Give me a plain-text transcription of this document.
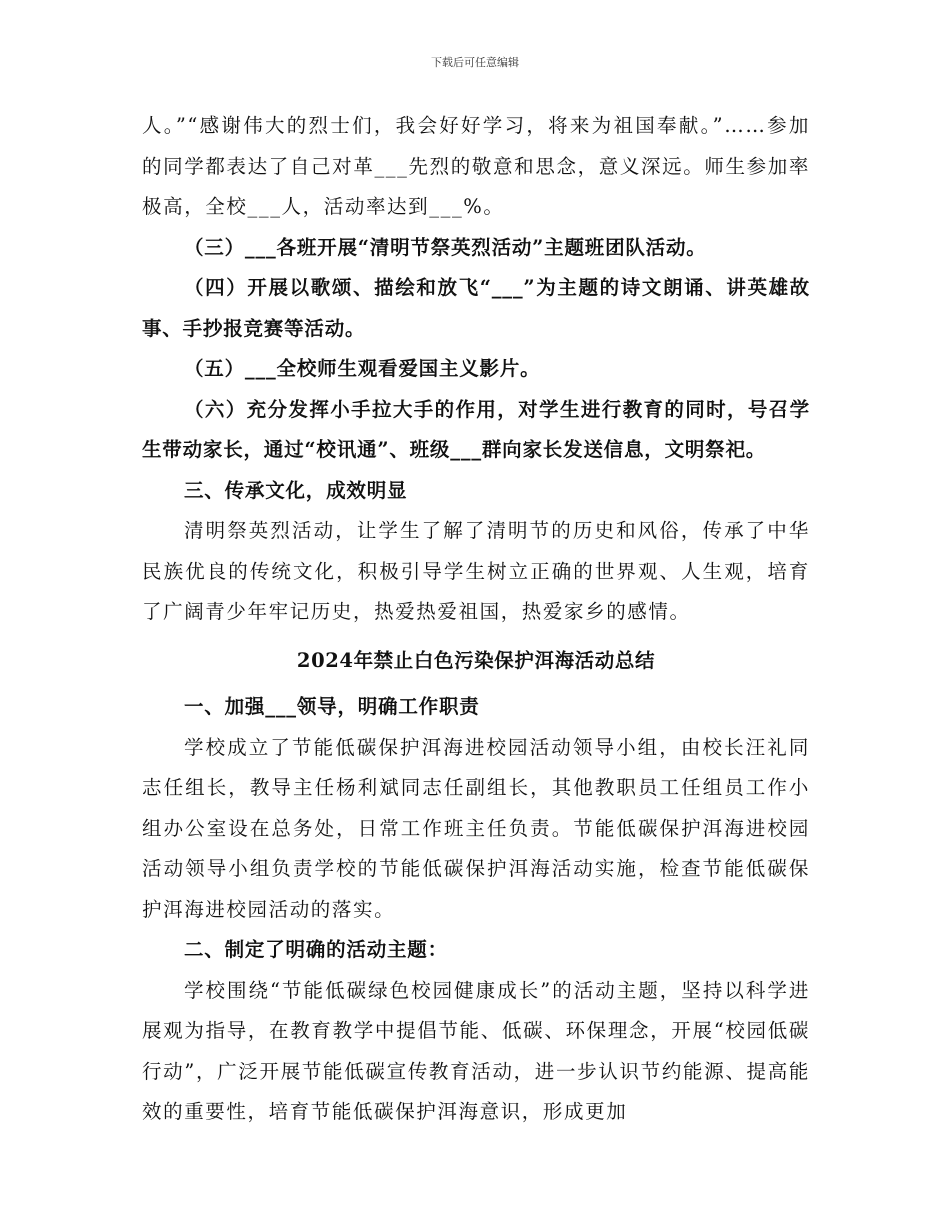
下载后可任意编辑

人。”“感谢伟大的烈士们，我会好好学习，将来为祖国奉献。”……参加的同学都表达了自己对革___先烈的敬意和思念，意义深远。师生参加率极高，全校___人，活动率达到___%。

（三）___各班开展“清明节祭英烈活动”主题班团队活动。

（四）开展以歌颂、描绘和放飞“___”为主题的诗文朗诵、讲英雄故事、手抄报竞赛等活动。

（五）___全校师生观看爱国主义影片。

（六）充分发挥小手拉大手的作用，对学生进行教育的同时，号召学生带动家长，通过“校讯通”、班级___群向家长发送信息，文明祭祀。

三、传承文化，成效明显

清明祭英烈活动，让学生了解了清明节的历史和风俗，传承了中华民族优良的传统文化，积极引导学生树立正确的世界观、人生观，培育了广阔青少年牢记历史，热爱热爱祖国，热爱家乡的感情。

2024年禁止白色污染保护洱海活动总结

一、加强___领导，明确工作职责

学校成立了节能低碳保护洱海进校园活动领导小组，由校长汪礼同志任组长，教导主任杨利斌同志任副组长，其他教职员工任组员工作小组办公室设在总务处，日常工作班主任负责。节能低碳保护洱海进校园活动领导小组负责学校的节能低碳保护洱海活动实施，检查节能低碳保护洱海进校园活动的落实。

二、制定了明确的活动主题：

学校围绕“节能低碳绿色校园健康成长”的活动主题，坚持以科学进展观为指导，在教育教学中提倡节能、低碳、环保理念，开展“校园低碳行动”，广泛开展节能低碳宣传教育活动，进一步认识节约能源、提高能效的重要性，培育节能低碳保护洱海意识，形成更加
